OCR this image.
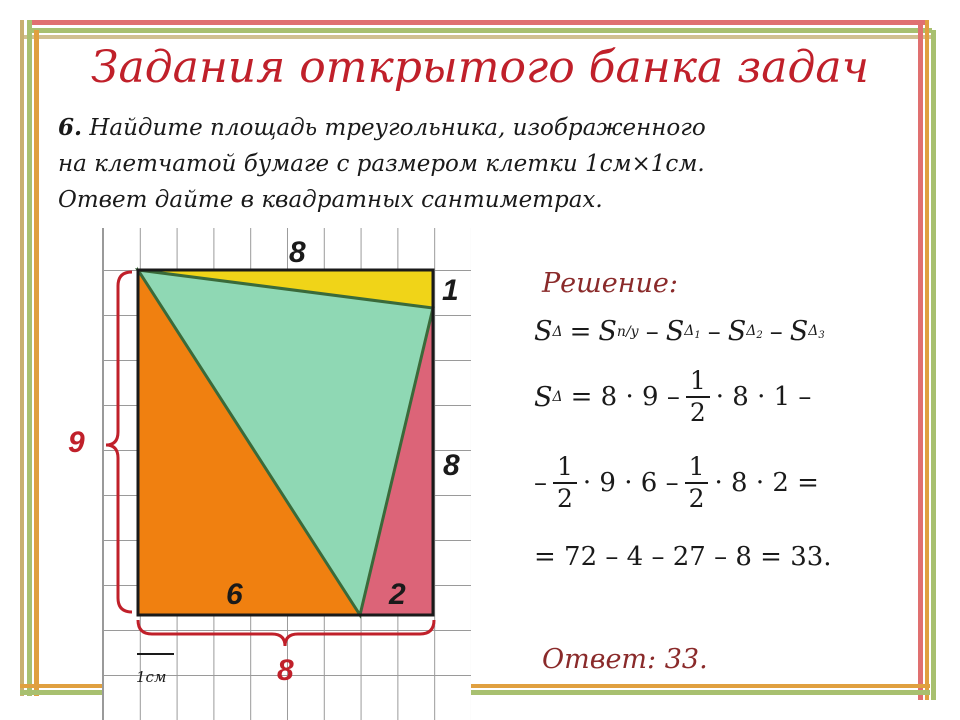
Задания открытого банка задач
6. Найдите площадь треугольника, изображенного
на клетчатой бумаге с размером клетки 1см×1см.
Ответ дайте в квадратных сантиметрах.
8
1
8
9
6	2
8
1см
Решение:
S Δ = S п/у – S $\Delta_1$ – S $\Delta_2$ – S $\Delta_3$
S $\Delta = 8 \cdot 9 - \frac{1}{2} \cdot 8 \cdot 1$ –
– $\frac{1}{2} \cdot 9 \cdot 6 - \frac{1}{2} \cdot 8 \cdot 2$ =
= 72 – 4 – 27 – 8 = 33.
Ответ: 33.
